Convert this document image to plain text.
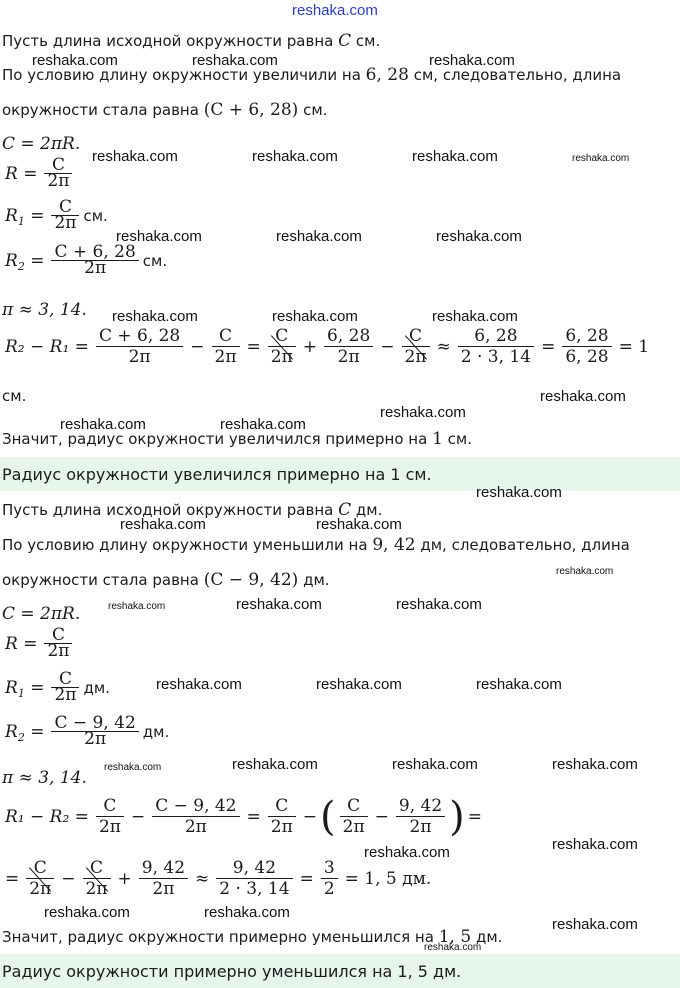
reshaka.com
Пусть длина исходной окружности равна C см.
По условию длину окружности увеличили на 6, 28 см, следовательно, длина
окружности стала равна (C + 6, 28) см.
C = 2πR.
$R = \frac{C}{2\pi}$
$R_1 = \frac{C}{2\pi}$ см.
$R_2 = \frac{C + 6, 28}{2\pi}$ см.
π ≈ 3, 14.
$R_2 - R_1 = \frac{C + 6, 28}{2\pi} - \frac{C}{2\pi} = \frac{C}{2\pi} + \frac{6, 28}{2\pi} - \frac{C}{2\pi} \approx \frac{6, 28}{2 \cdot 3, 14} = \frac{6, 28}{6, 28} = 1$
см.
Значит, радиус окружности увеличился примерно на 1 см.
Радиус окружности увеличился примерно на 1 см.
Пусть длина исходной окружности равна C дм.
По условию длину окружности уменьшили на 9, 42 дм, следовательно, длина
окружности стала равна (C − 9, 42) дм.
C = 2πR.
$R = \frac{C}{2\pi}$
$R_1 = \frac{C}{2\pi}$ дм.
$R_2 = \frac{C - 9, 42}{2\pi}$ дм.
π ≈ 3, 14.
$R_1 - R_2 = \frac{C}{2\pi} - \frac{C - 9, 42}{2\pi} = \frac{C}{2\pi}$ − ( $\frac{C}{2\pi} - \frac{9, 42}{2\pi}$ ) =
= $\frac{C}{2\pi} - \frac{C}{2\pi} + \frac{9, 42}{2\pi} \approx \frac{9, 42}{2 \cdot 3, 14} = \frac{3}{2} = 1$, 5 дм.
Значит, радиус окружности примерно уменьшился на 1, 5 дм.
Радиус окружности примерно уменьшился на 1, 5 дм.
reshaka.com	reshaka.com	reshaka.com
reshaka.com	reshaka.com	reshaka.com	reshaka.com
reshaka.com	reshaka.com	reshaka.com
reshaka.com	reshaka.com	reshaka.com
reshaka.com
reshaka.com
reshaka.com	reshaka.com
reshaka.com
reshaka.com	reshaka.com
reshaka.com
reshaka.com	reshaka.com	reshaka.com
reshaka.com	reshaka.com	reshaka.com
reshaka.com	reshaka.com	reshaka.com	reshaka.com
reshaka.com
reshaka.com
reshaka.com	reshaka.com
reshaka.com
reshaka.com
